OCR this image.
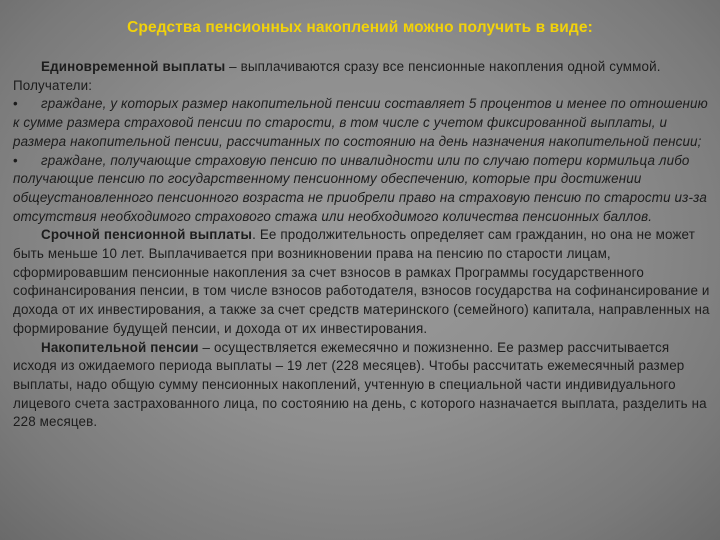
Средства пенсионных накоплений можно получить в виде:

Единовременной выплаты – выплачиваются сразу все пенсионные накопления одной суммой. Получатели:

• граждане, у которых размер накопительной пенсии составляет 5 процентов и менее по отношению к сумме размера страховой пенсии по старости, в том числе с учетом фиксированной выплаты, и размера накопительной пенсии, рассчитанных по состоянию на день назначения накопительной пенсии;

• граждане, получающие страховую пенсию по инвалидности или по случаю потери кормильца либо получающие пенсию по государственному пенсионному обеспечению, которые при достижении общеустановленного пенсионного возраста не приобрели право на страховую пенсию по старости из-за отсутствия необходимого страхового стажа или необходимого количества пенсионных баллов.

Срочной пенсионной выплаты. Ее продолжительность определяет сам гражданин, но она не может быть меньше 10 лет. Выплачивается при возникновении права на пенсию по старости лицам, сформировавшим пенсионные накопления за счет взносов в рамках Программы государственного софинансирования пенсии, в том числе взносов работодателя, взносов государства на софинансирование и дохода от их инвестирования, а также за счет средств материнского (семейного) капитала, направленных на формирование будущей пенсии, и дохода от их инвестирования.

Накопительной пенсии – осуществляется ежемесячно и пожизненно. Ее размер рассчитывается исходя из ожидаемого периода выплаты – 19 лет (228 месяцев). Чтобы рассчитать ежемесячный размер выплаты, надо общую сумму пенсионных накоплений, учтенную в специальной части индивидуального лицевого счета застрахованного лица, по состоянию на день, с которого назначается выплата, разделить на 228 месяцев.
